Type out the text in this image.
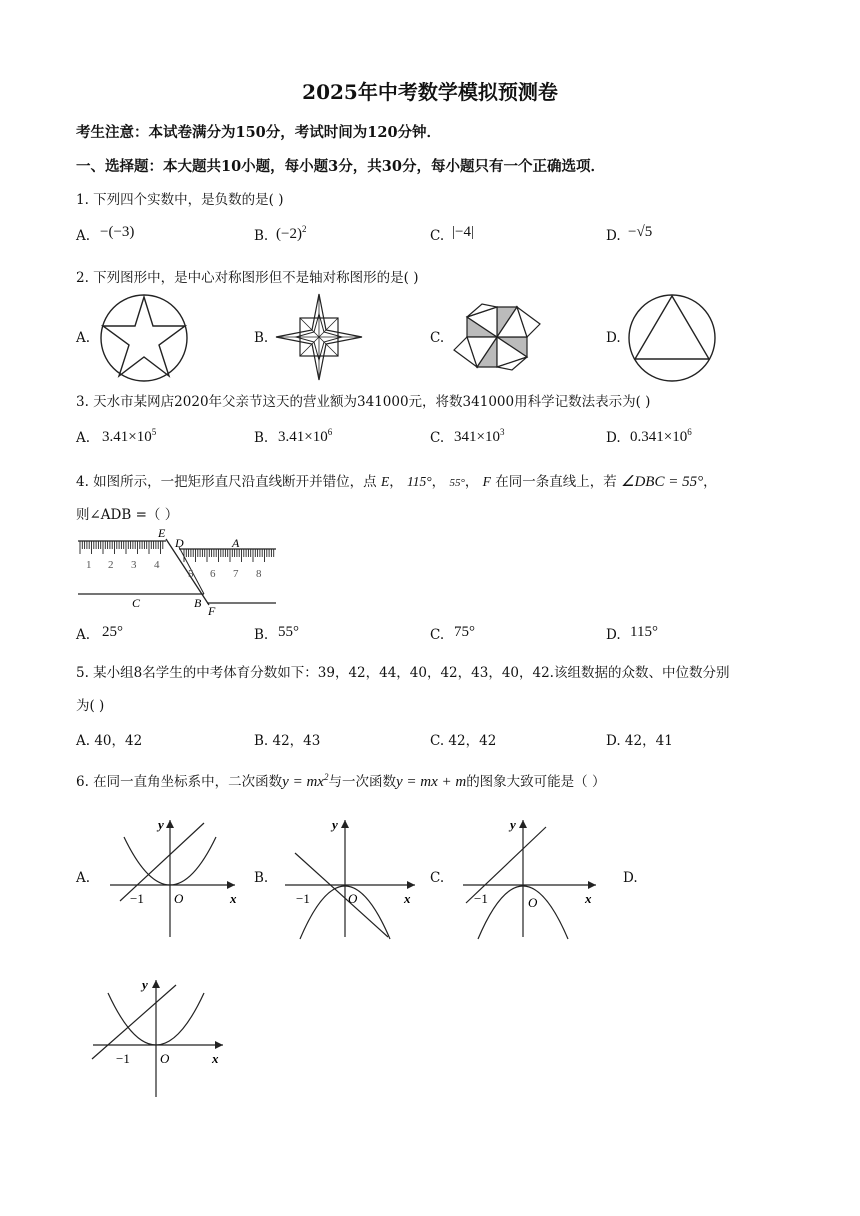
2025年中考数学模拟预测卷
考生注意：本试卷满分为150分，考试时间为120分钟．
一、选择题：本大题共10小题，每小题3分，共30分，每小题只有一个正确选项．
1. 下列四个实数中，是负数的是( )
A. −(−3)	B. $(-2)^2$	C. |−4|	D. −√5
2. 下列图形中，是中心对称图形但不是轴对称图形的是( )
A.	B.	C.	D.
3. 天水市某网店2020年父亲节这天的营业额为341000元，将数341000用科学记数法表示为( )
A. $3.41\times 10^5$	B. $3.41\times 10^6$	C. $341\times 10^3$	D. $0.341\times 10^6$
4. 如图所示，一把矩形直尺沿直线断开并错位，点 E， 115°， 55°， F 在同一条直线上，若 ∠DBC = 55°，
则∠ADB =（ ）
E
D	A
C	B
F
1 2 3 4
5 6 7 8
A. 25°	B. 55°	C. 75°	D. 115°
5. 某小组8名学生的中考体育分数如下：39，42，44，40，42，43，40，42.该组数据的众数、中位数分别
为( )
A. 40，42	B. 42，43	C. 42，42	D. 42，41
6. 在同一直角坐标系中，二次函数$y = mx^2$与一次函数y = mx + m的图象大致可能是（ ）
A.	B.	C.	D.
y
x
O
−1
y
x
O
−1
y
x
O
−1
y
x
O
−1
